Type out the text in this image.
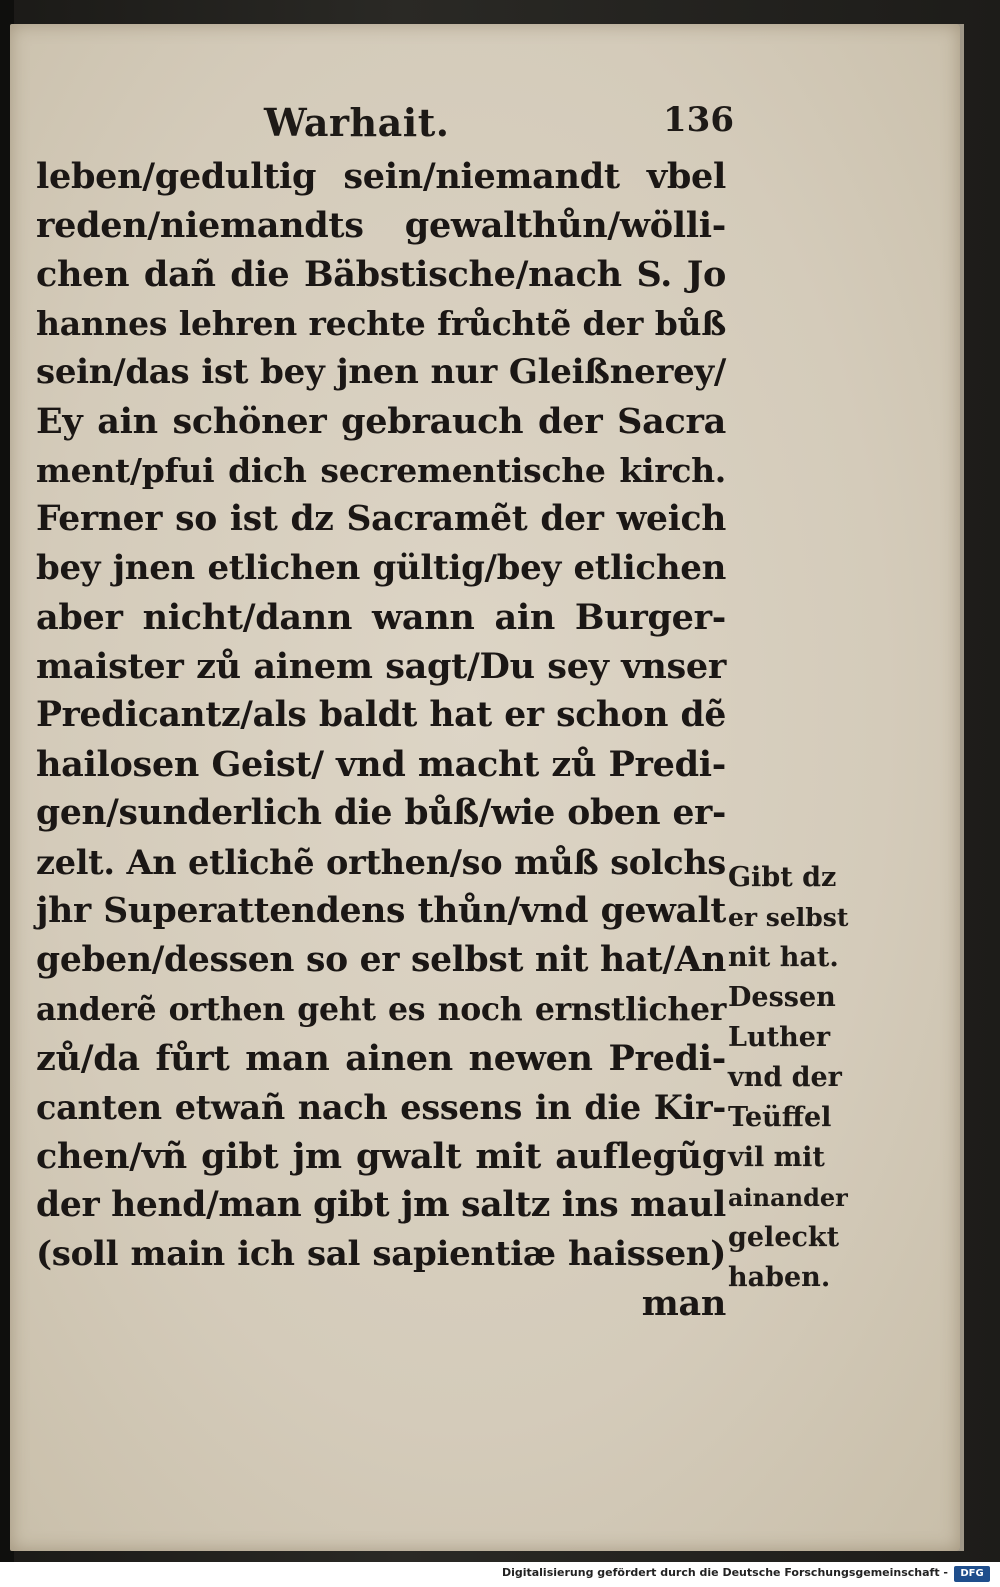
Warhait.	136
leben/gedultig sein/niemandt vbel
reden/niemandts gewalthůn/wölli-
chen dañ die Bäbstische/nach S. Jo
hannes lehren rechte frůchtẽ der bůß
sein/das ist bey jnen nur Gleißnerey/
Ey ain schöner gebrauch der Sacra
ment/pfui dich secrementische kirch.
Ferner so ist dz Sacramẽt der weich
bey jnen etlichen gültig/bey etlichen
aber nicht/dann wann ain Burger-
maister zů ainem sagt/Du sey vnser
Predicantz/als baldt hat er schon dẽ
hailosen Geist/ vnd macht zů Predi-
gen/sunderlich die bůß/wie oben er-
zelt. An etlichẽ orthen/so můß solchs
jhr Superattendens thůn/vnd gewalt
geben/dessen so er selbst nit hat/An
anderẽ orthen geht es noch ernstlicher
zů/da fůrt man ainen newen Predi-
canten etwañ nach essens in die Kir-
chen/vñ gibt jm gwalt mit auflegũg
der hend/man gibt jm saltz ins maul
(soll main ich sal sapientiæ haissen)
man
Gibt dz
er selbst
nit hat.
Dessen
Luther
vnd der
Teüffel
vil mit
ainander
geleckt
haben.
Digitalisierung gefördert durch die Deutsche Forschungsgemeinschaft -	DFG
